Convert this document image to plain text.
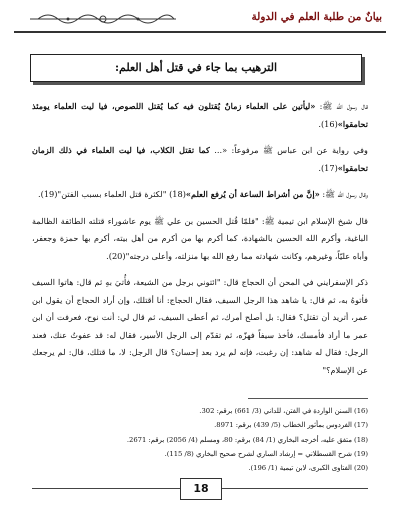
بيانٌ من طلبة العلم في الدولة
الترهيب بما جاء في قتل أهل العلم:

قال رسول الله ﷺ: «ليأتين على العلماء زمانٌ يُقتلون فيه كما يُقتل اللصوص، فيا ليت العلماء يومئذ تحامقوا»(16).

وفي رواية عن ابن عباس ﷺ مرفوعاً: «... كما تقتل الكلاب، فيا ليت العلماء في ذلك الزمان تحامقوا»(17).

وقال رسول الله ﷺ: «إنَّ من أشراط الساعة أن يُرفع العلم»(18) "لكثرة قتل العلماء بسبب الفتن"(19).

قال شيخ الإسلام ابن تيمية ﷺ: "فلمّا قُتل الحسين بن علي ﷺ يوم عاشوراء قتلته الطائفة الظالمة الباغية، وأكرم الله الحسين بالشهادة، كما أكرم بها من أكرم من أهل بيته، أكرم بها حمزة وجعفر، وأباه عليّاً، وغيرهم، وكانت شهادته مما رفع الله بها منزلته، وأعلى درجته"(20).

ذكر الإسفرايني في المحن أن الحجاج قال: "ائتوني برجل من الشيعة، فأُتيَ بهِ ثم قال: هاتوا السيف فأتوهُ به، ثم قال: يا شاهد هذا الرجل السيف، فقال الحجاج: أنا أقتلك، وإن أراد الحجاج أن يقول ابن عمر، أتريد أن تقتل؟ فقال: بل أصلح أمرك، ثم أعطى السيف، ثم قال لي: أنت نوح، فعرفت أن ابن عمر ما أراد فأمسك، فأخذ سيفاً فهزّه، ثم تقدّم إلى الرجل الأسير، فقال له: قد عفوتُ عنك، فعند الرجل: فقال له شاهد: إن رغبت، فإنه لم يرد بعد إحسان؟ قال الرجل: لا، ما قتلك، قال: لم يرجعك عن الإسلام؟"

(16) السنن الواردة في الفتن، للداني (3/ 661) برقم: 302.
(17) الفردوس بمأثور الخطاب (5/ 439) برقم: 8971.
(18) متفق عليه، أخرجه البخاري (1/ 84) برقم: 80، ومسلم (4/ 2056) برقم: 2671.
(19) شرح القسطلاني = إرشاد الساري لشرح صحيح البخاري (8/ 115).
(20) الفتاوى الكبرى، لابن تيمية (1/ 196).
18
